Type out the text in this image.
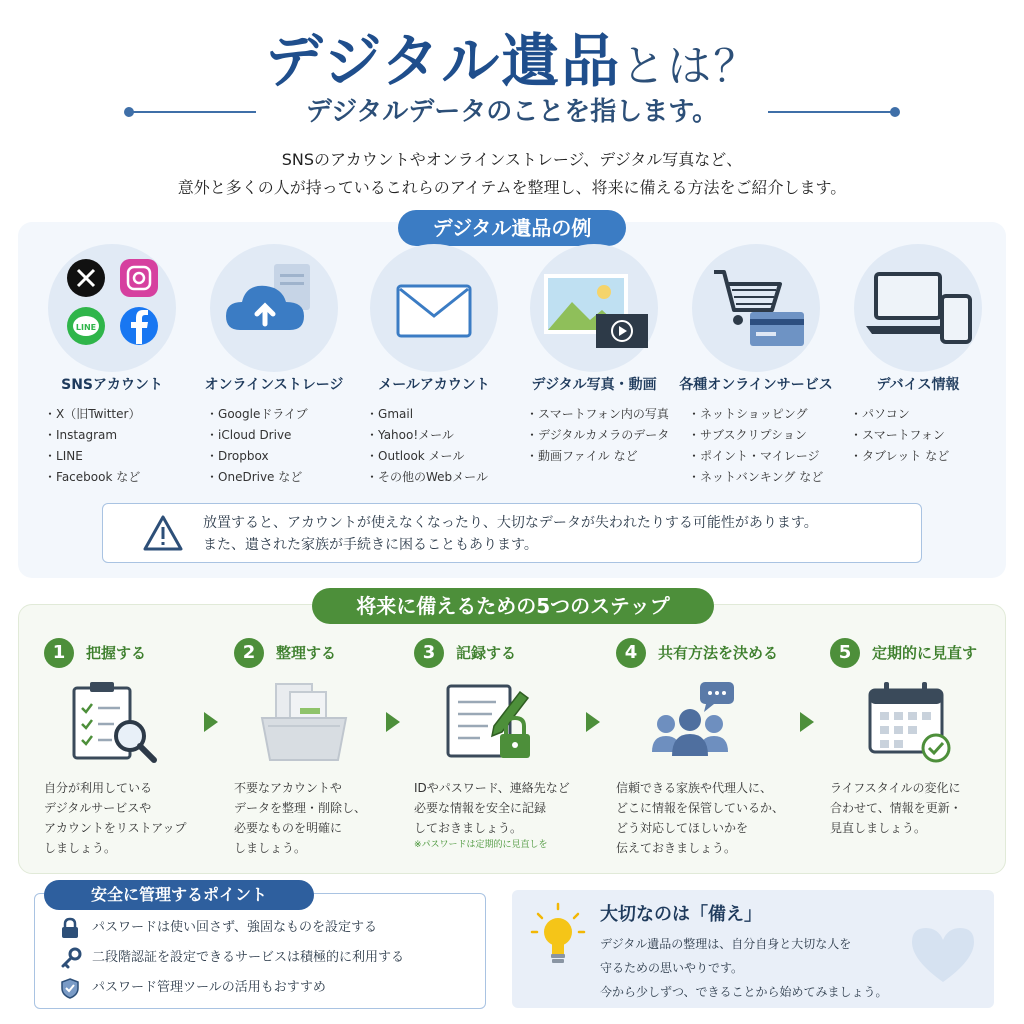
デジタル遺品とは？
デジタルデータのことを指します。
SNSのアカウントやオンラインストレージ、デジタル写真など、
意外と多くの人が持っているこれらのアイテムを整理し、将来に備える方法をご紹介します。
デジタル遺品の例
LINE
SNSアカウント
・ X（旧Twitter）
・ Instagram
・ LINE
・ Facebook など
オンラインストレージ
・ Googleドライブ
・ iCloud Drive
・ Dropbox
・ OneDrive など
メールアカウント
・ Gmail
・ Yahoo!メール
・ Outlook メール
・ その他のWebメール
デジタル写真・動画
・ スマートフォン内の写真
・ デジタルカメラのデータ
・ 動画ファイル など
各種オンラインサービス
・ ネットショッピング
・ サブスクリプション
・ ポイント・マイレージ
・ ネットバンキング など
デバイス情報
・ パソコン
・ スマートフォン
・ タブレット など
放置すると、アカウントが使えなくなったり、大切なデータが失われたりする可能性があります。
また、遺された家族が手続きに困ることもあります。
将来に備えるための5つのステップ
1	把握する
自分が利用している
デジタルサービスや
アカウントをリストアップ
しましょう。
2	整理する
不要なアカウントや
データを整理・削除し、
必要なものを明確に
しましょう。
3	記録する
IDやパスワード、連絡先など
必要な情報を安全に記録
しておきましょう。
※パスワードは定期的に見直しを
4	共有方法を決める
信頼できる家族や代理人に、
どこに情報を保管しているか、
どう対応してほしいかを
伝えておきましょう。
5	定期的に見直す
ライフスタイルの変化に
合わせて、情報を更新・
見直しましょう。
安全に管理するポイント
パスワードは使い回さず、強固なものを設定する
二段階認証を設定できるサービスは積極的に利用する
パスワード管理ツールの活用もおすすめ
大切なのは「備え」
デジタル遺品の整理は、自分自身と大切な人を
守るための思いやりです。
今から少しずつ、できることから始めてみましょう。
